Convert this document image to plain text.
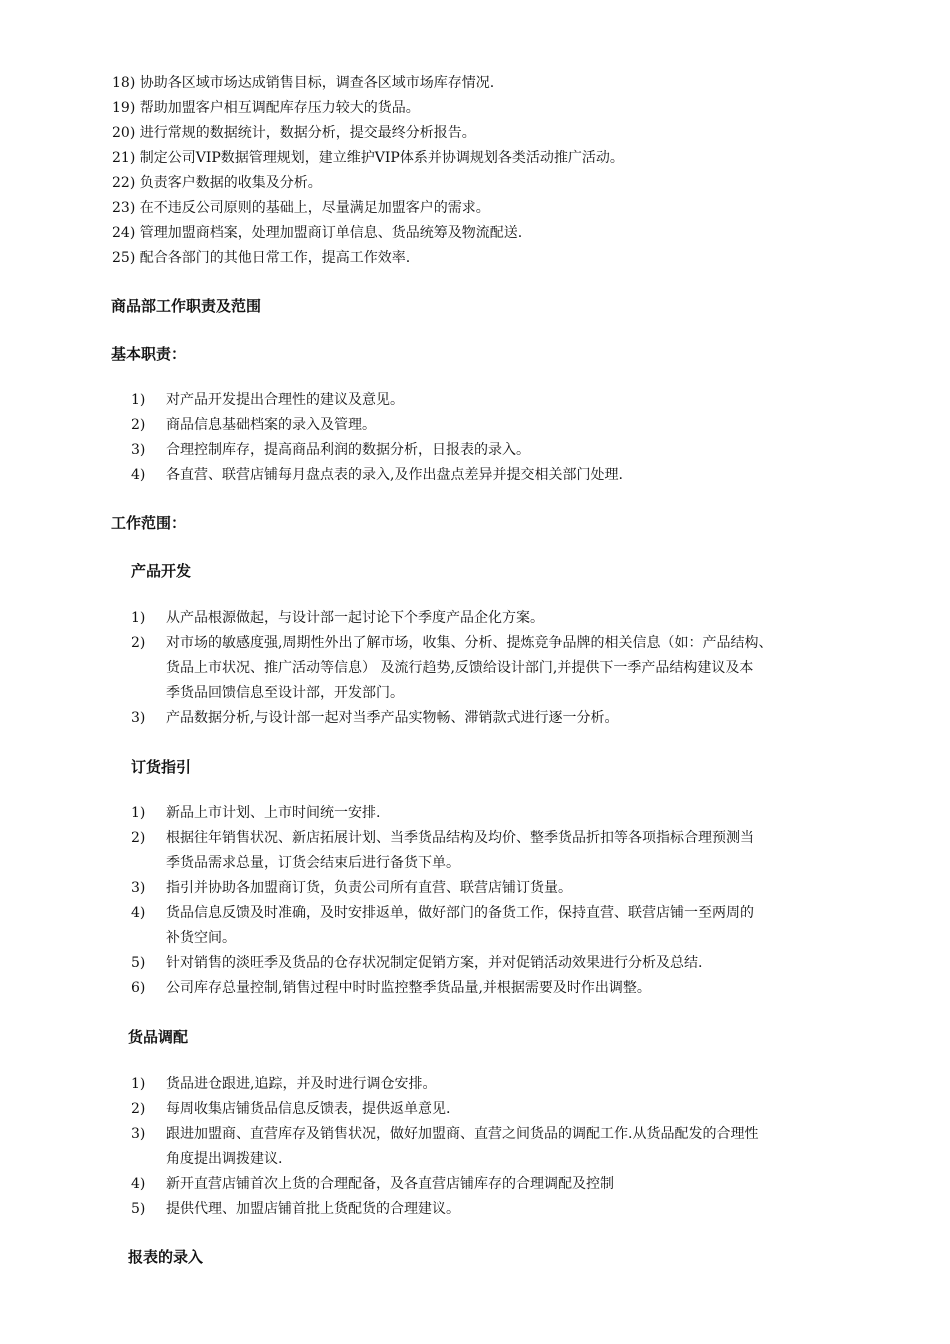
18) 协助各区域市场达成销售目标，调查各区域市场库存情况.
19) 帮助加盟客户相互调配库存压力较大的货品。
20) 进行常规的数据统计，数据分析，提交最终分析报告。
21) 制定公司VIP数据管理规划，建立维护VIP体系并协调规划各类活动推广活动。
22) 负责客户数据的收集及分析。
23) 在不违反公司原则的基础上，尽量满足加盟客户的需求。
24) 管理加盟商档案，处理加盟商订单信息、货品统筹及物流配送.
25) 配合各部门的其他日常工作，提高工作效率.
商品部工作职责及范围
基本职责：
1) 对产品开发提出合理性的建议及意见。
2) 商品信息基础档案的录入及管理。
3) 合理控制库存，提高商品利润的数据分析，日报表的录入。
4) 各直营、联营店铺每月盘点表的录入,及作出盘点差异并提交相关部门处理.
工作范围：
产品开发
1) 从产品根源做起，与设计部一起讨论下个季度产品企化方案。
2) 对市场的敏感度强,周期性外出了解市场，收集、分析、提炼竞争品牌的相关信息（如：产品结构、
货品上市状况、推广活动等信息） 及流行趋势,反馈给设计部门,并提供下一季产品结构建议及本
季货品回馈信息至设计部，开发部门。
3) 产品数据分析,与设计部一起对当季产品实物畅、滞销款式进行逐一分析。
订货指引
1) 新品上市计划、上市时间统一安排.
2) 根据往年销售状况、新店拓展计划、当季货品结构及均价、整季货品折扣等各项指标合理预测当
季货品需求总量，订货会结束后进行备货下单。
3) 指引并协助各加盟商订货，负责公司所有直营、联营店铺订货量。
4) 货品信息反馈及时准确，及时安排返单，做好部门的备货工作，保持直营、联营店铺一至两周的
补货空间。
5) 针对销售的淡旺季及货品的仓存状况制定促销方案，并对促销活动效果进行分析及总结.
6) 公司库存总量控制,销售过程中时时监控整季货品量,并根据需要及时作出调整。
货品调配
1) 货品进仓跟进,追踪，并及时进行调仓安排。
2) 每周收集店铺货品信息反馈表，提供返单意见.
3) 跟进加盟商、直营库存及销售状况，做好加盟商、直营之间货品的调配工作.从货品配发的合理性
角度提出调拨建议.
4) 新开直营店铺首次上货的合理配备，及各直营店铺库存的合理调配及控制
5) 提供代理、加盟店铺首批上货配货的合理建议。
报表的录入
